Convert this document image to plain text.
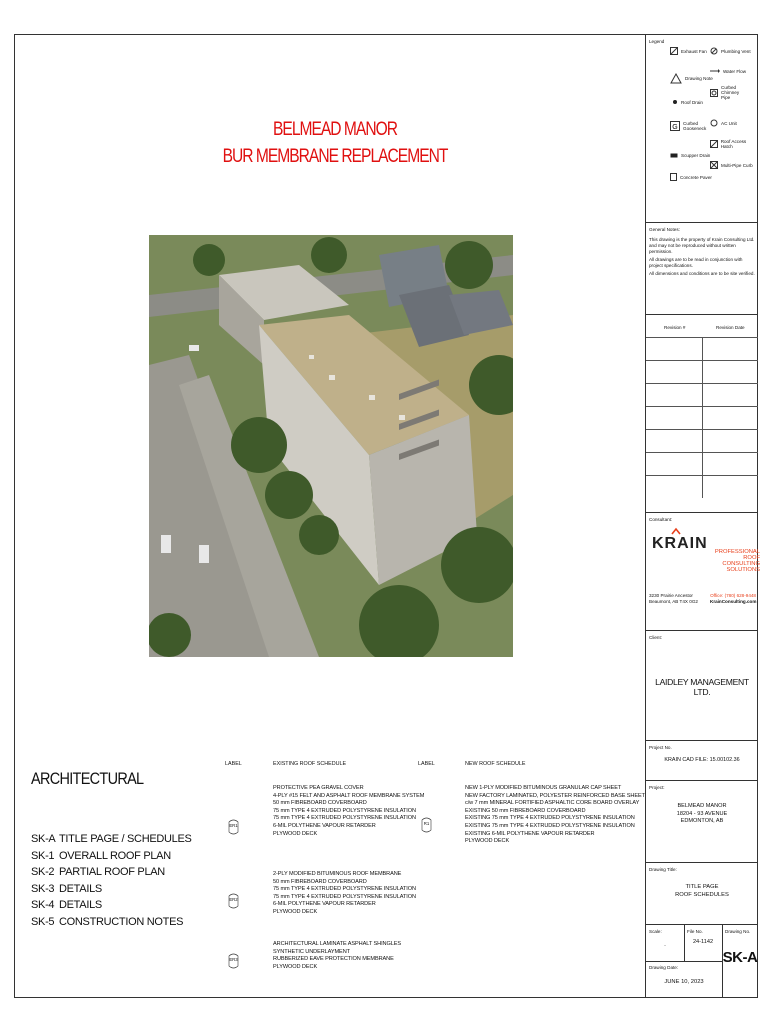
BELMEAD MANOR
BUR MEMBRANE REPLACEMENT
ARCHITECTURAL
SK-A TITLE PAGE / SCHEDULES
SK-1 OVERALL ROOF PLAN
SK-2 PARTIAL ROOF PLAN
SK-3 DETAILS
SK-4 DETAILS
SK-5 CONSTRUCTION NOTES
LABEL	EXISTING ROOF SCHEDULE
ER1
PROTECTIVE PEA GRAVEL COVER
4-PLY #15 FELT AND ASPHALT ROOF MEMBRANE SYSTEM
50 mm FIBREBOARD COVERBOARD
75 mm TYPE 4 EXTRUDED POLYSTYRENE INSULATION
75 mm TYPE 4 EXTRUDED POLYSTYRENE INSULATION
6-MIL POLYTHENE VAPOUR RETARDER
PLYWOOD DECK
ER2
2-PLY MODIFIED BITUMINOUS ROOF MEMBRANE
50 mm FIBREBOARD COVERBOARD
75 mm TYPE 4 EXTRUDED POLYSTYRENE INSULATION
75 mm TYPE 4 EXTRUDED POLYSTYRENE INSULATION
6-MIL POLYTHENE VAPOUR RETARDER
PLYWOOD DECK
ER3
ARCHITECTURAL LAMINATE ASPHALT SHINGLES
SYNTHETIC UNDERLAYMENT
RUBBERIZED EAVE PROTECTION MEMBRANE
PLYWOOD DECK
LABEL	NEW ROOF SCHEDULE
R1
NEW 1-PLY MODIFIED BITUMINOUS GRANULAR CAP SHEET
NEW FACTORY LAMINATED, POLYESTER REINFORCED BASE SHEET
c/w 7 mm MINERAL FORTIFIED ASPHALTIC CORE BOARD OVERLAY
EXISTING 50 mm FIBREBOARD COVERBOARD
EXISTING 75 mm TYPE 4 EXTRUDED POLYSTYRENE INSULATION
EXISTING 75 mm TYPE 4 EXTRUDED POLYSTYRENE INSULATION
EXISTING 6-MIL POLYTHENE VAPOUR RETARDER
PLYWOOD DECK
Legend
Exhaust Fan	Plumbing Vent
Water Flow
Drawing Note
Curbed Chimney Pipe
Roof Drain
AC Unit
G
Curbed Gooseneck
Roof Access Hatch
Scupper Drain
Multi-Pipe Curb
Concrete Paver
General Notes:
This drawing is the property of Krain Consulting Ltd. and may not be reproduced without written permission.
All drawings are to be read in conjunction with project specifications.
All dimensions and conditions are to be site verified.
Revision #	Revision Date
Consultant:
KRAIN	PROFESSIONAL ROOF
CONSULTING SOLUTIONS
3230 Prairie Ancestor
Beaumont, AB T4X 0G2
Office: (780) 628-9448
KrainConsulting.com
Client:
LAIDLEY MANAGEMENT LTD.
Project No.
KRAIN CAD FILE: 15.00102.36
Project:
BELMEAD MANOR
18204 - 93 AVENUE
EDMONTON, AB
Drawing Title:
TITLE PAGE
ROOF SCHEDULES
Scale:
-
File No.
24-1142
Drawing No.
SK-A
Drawing Date:
JUNE 10, 2023
